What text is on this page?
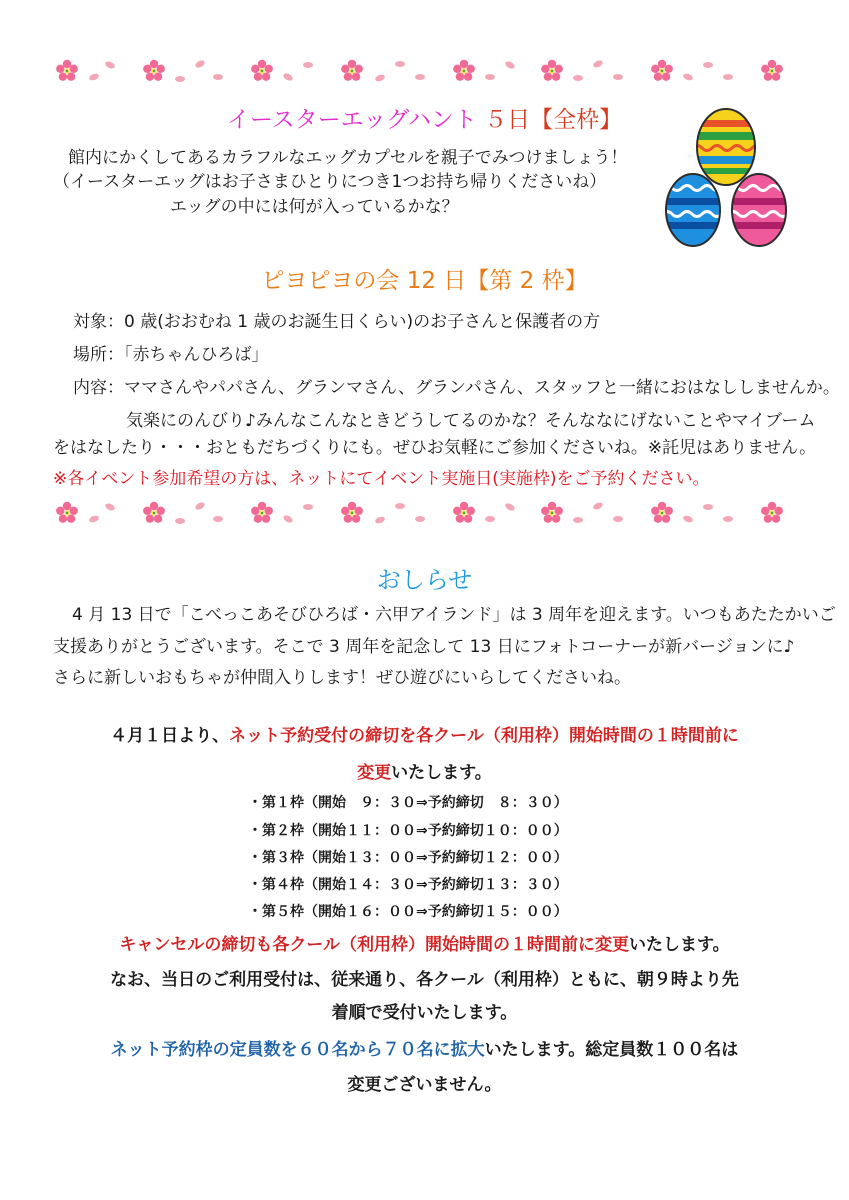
イースターエッグハント ５日【全枠】
館内にかくしてあるカラフルなエッグカプセルを親子でみつけましょう！
（イースターエッグはお子さまひとりにつき1つお持ち帰りくださいね）
エッグの中には何が入っているかな？
ピヨピヨの会 12 日【第 2 枠】
対象：0 歳(おおむね 1 歳のお誕生日くらい)のお子さんと保護者の方
場所：「赤ちゃんひろば」
内容：ママさんやパパさん、グランマさん、グランパさん、スタッフと一緒におはなししませんか。
気楽にのんびり♪みんなこんなときどうしてるのかな？そんななにげないことやマイブーム
をはなしたり・・・おともだちづくりにも。ぜひお気軽にご参加くださいね。※託児はありません。
※各イベント参加希望の方は、ネットにてイベント実施日(実施枠)をご予約ください。
おしらせ
4 月 13 日で「こべっこあそびひろば・六甲アイランド」は 3 周年を迎えます。いつもあたたかいご
支援ありがとうございます。そこで 3 周年を記念して 13 日にフォトコーナーが新バージョンに♪
さらに新しいおもちゃが仲間入りします！ぜひ遊びにいらしてくださいね。
４月１日より、ネット予約受付の締切を各クール（利用枠）開始時間の１時間前に
変更いたします。
・第１枠（開始　９：３０⇒予約締切　８：３０）
・第２枠（開始１１：００⇒予約締切１０：００）
・第３枠（開始１３：００⇒予約締切１２：００）
・第４枠（開始１４：３０⇒予約締切１３：３０）
・第５枠（開始１６：００⇒予約締切１５：００）
キャンセルの締切も各クール（利用枠）開始時間の１時間前に変更いたします。
なお、当日のご利用受付は、従来通り、各クール（利用枠）ともに、朝９時より先
着順で受付いたします。
ネット予約枠の定員数を６０名から７０名に拡大いたします。総定員数１００名は
変更ございません。
